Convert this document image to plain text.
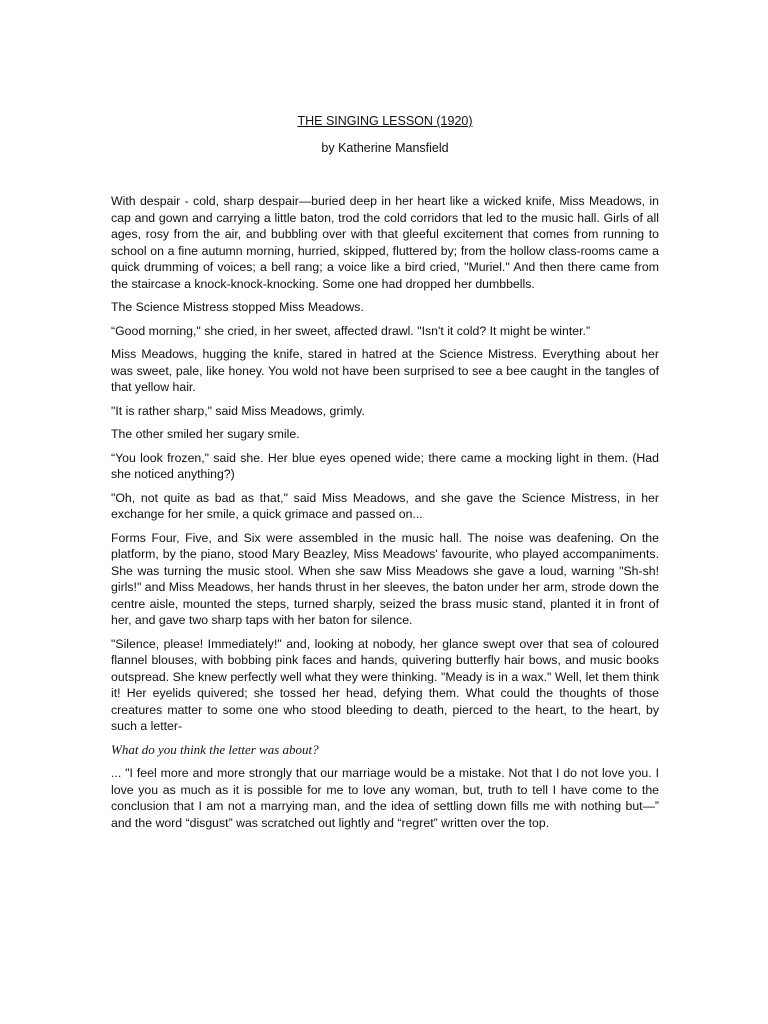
THE SINGING LESSON (1920)

by Katherine Mansfield

With despair - cold, sharp despair—buried deep in her heart like a wicked knife, Miss Meadows, in cap and gown and carrying a little baton, trod the cold corridors that led to the music hall. Girls of all ages, rosy from the air, and bubbling over with that gleeful excitement that comes from running to school on a fine autumn morning, hurried, skipped, fluttered by; from the hollow class-rooms came a quick drumming of voices; a bell rang; a voice like a bird cried, "Muriel." And then there came from the staircase a knock-knock-knocking. Some one had dropped her dumbbells.

The Science Mistress stopped Miss Meadows.

“Good morning," she cried, in her sweet, affected drawl. "Isn't it cold? It might be winter.”

Miss Meadows, hugging the knife, stared in hatred at the Science Mistress. Everything about her was sweet, pale, like honey. You wold not have been surprised to see a bee caught in the tangles of that yellow hair.

"It is rather sharp," said Miss Meadows, grimly.

The other smiled her sugary smile.

“You look frozen," said she. Her blue eyes opened wide; there came a mocking light in them. (Had she noticed anything?)

"Oh, not quite as bad as that," said Miss Meadows, and she gave the Science Mistress, in her exchange for her smile, a quick grimace and passed on...

Forms Four, Five, and Six were assembled in the music hall. The noise was deafening. On the platform, by the piano, stood Mary Beazley, Miss Meadows' favourite, who played accompaniments. She was turning the music stool. When she saw Miss Meadows she gave a loud, warning "Sh-sh! girls!" and Miss Meadows, her hands thrust in her sleeves, the baton under her arm, strode down the centre aisle, mounted the steps, turned sharply, seized the brass music stand, planted it in front of her, and gave two sharp taps with her baton for silence.

"Silence, please! Immediately!" and, looking at nobody, her glance swept over that sea of coloured flannel blouses, with bobbing pink faces and hands, quivering butterfly hair bows, and music books outspread. She knew perfectly well what they were thinking. "Meady is in a wax." Well, let them think it! Her eyelids quivered; she tossed her head, defying them. What could the thoughts of those creatures matter to some one who stood bleeding to death, pierced to the heart, to the heart, by such a letter-

What do you think the letter was about?

... "I feel more and more strongly that our marriage would be a mistake. Not that I do not love you. I love you as much as it is possible for me to love any woman, but, truth to tell I have come to the conclusion that I am not a marrying man, and the idea of settling down fills me with nothing but—” and the word “disgust” was scratched out lightly and “regret” written over the top.
